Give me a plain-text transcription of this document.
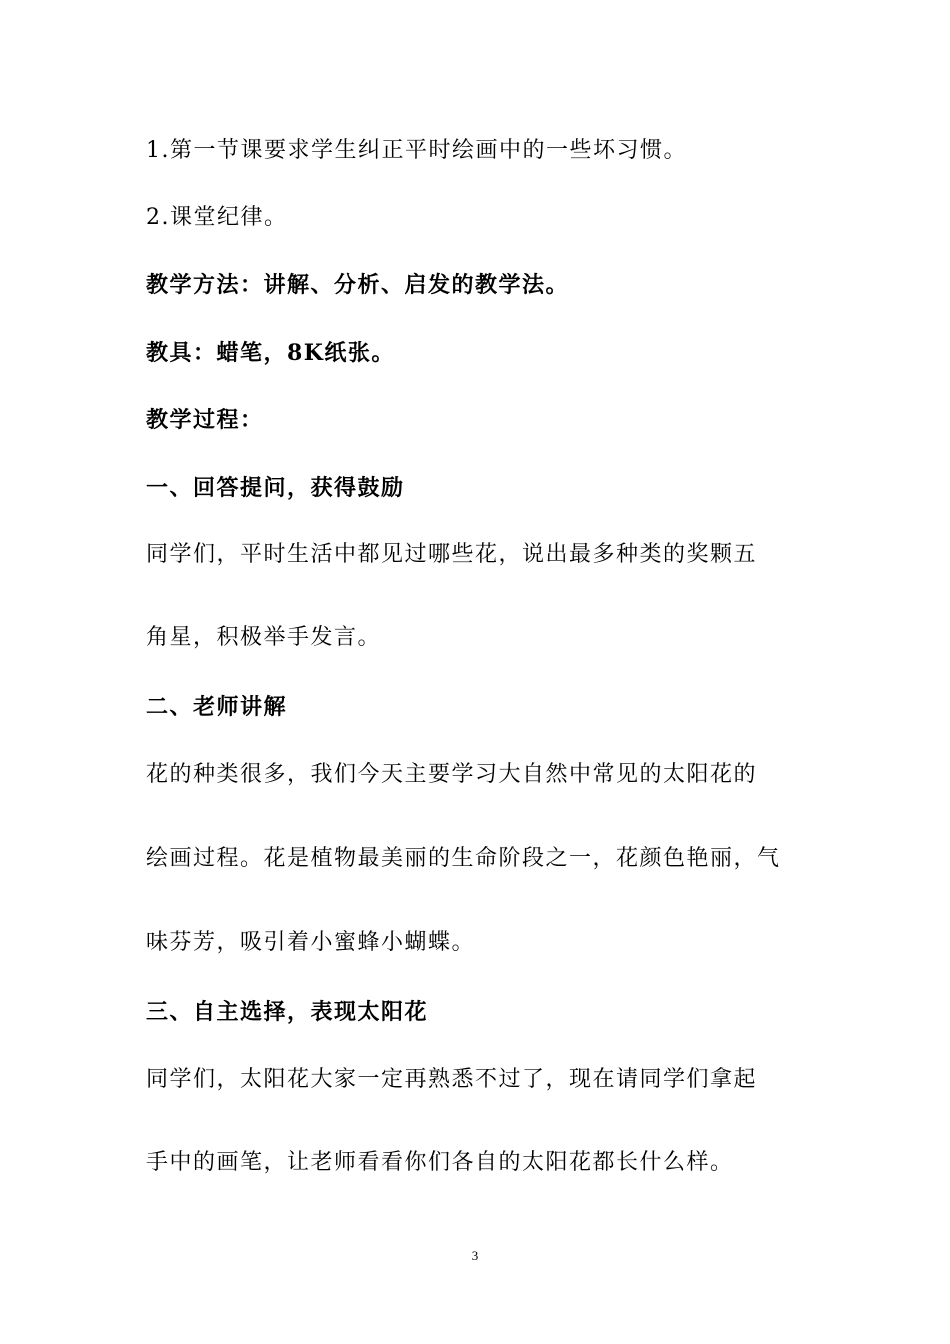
1.第一节课要求学生纠正平时绘画中的一些坏习惯。
2.课堂纪律。
教学方法：讲解、分析、启发的教学法。
教具：蜡笔，8K纸张。
教学过程：
一、回答提问，获得鼓励
同学们，平时生活中都见过哪些花，说出最多种类的奖颗五
角星，积极举手发言。
二、老师讲解
花的种类很多，我们今天主要学习大自然中常见的太阳花的
绘画过程。花是植物最美丽的生命阶段之一，花颜色艳丽，气
味芬芳，吸引着小蜜蜂小蝴蝶。
三、自主选择，表现太阳花
同学们，太阳花大家一定再熟悉不过了，现在请同学们拿起
手中的画笔，让老师看看你们各自的太阳花都长什么样。
3
